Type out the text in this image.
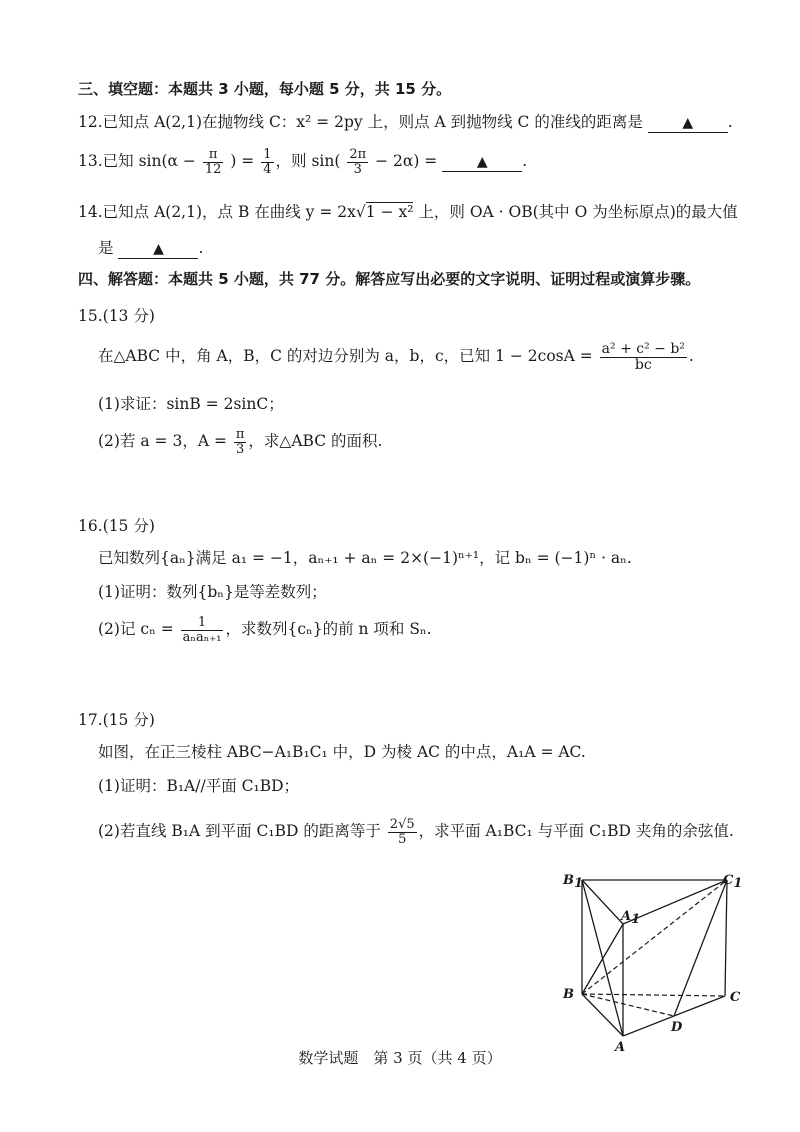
三、填空题：本题共 3 小题，每小题 5 分，共 15 分。
12.已知点 A(2,1)在抛物线 C：x² = 2py 上，则点 A 到抛物线 C 的准线的距离是	▲ .
13.已知 $\sin(\alpha - \frac{\pi}{12}$ ) = $\frac{1}{4}$ ，则 $\sin( \frac{2\pi}{3} - 2\alpha)$ =	▲ .
14.已知点 A(2,1)，点 B 在曲线 y = 2x√1 − x² 上，则 OA · OB(其中 O 为坐标原点)的最大值
是	▲ .
四、解答题：本题共 5 小题，共 77 分。解答应写出必要的文字说明、证明过程或演算步骤。
15.(13 分)
在△ABC 中，角 A，B，C 的对边分别为 a，b，c，已知 $1 - 2\cos A = \frac{\text{a² + c² − b²}}{bc}$ .
(1)求证：sinB = 2sinC；
(2)若 a = 3，$A = \frac{\pi}{3}$ ，求△ABC 的面积.
16.(15 分)
已知数列{aₙ}满足 a₁ = −1，aₙ₊₁ + aₙ = 2×(−1)ⁿ⁺¹，记 bₙ = (−1)ⁿ · aₙ.
(1)证明：数列{bₙ}是等差数列；
(2)记 $c_n = \frac{1}{\text{aₙaₙ₊₁}}$ ，求数列{cₙ}的前 n 项和 Sₙ.
17.(15 分)
如图，在正三棱柱 ABC−A₁B₁C₁ 中，D 为棱 AC 的中点，A₁A = AC.
(1)证明：B₁A//平面 C₁BD；
(2)若直线 B₁A 到平面 C₁BD 的距离等于 $\frac{2√5}{5}$ ，求平面 A₁BC₁ 与平面 C₁BD 夹角的余弦值.
B1	C1
A1
B	C
D
A
数学试题　第 3 页（共 4 页）
